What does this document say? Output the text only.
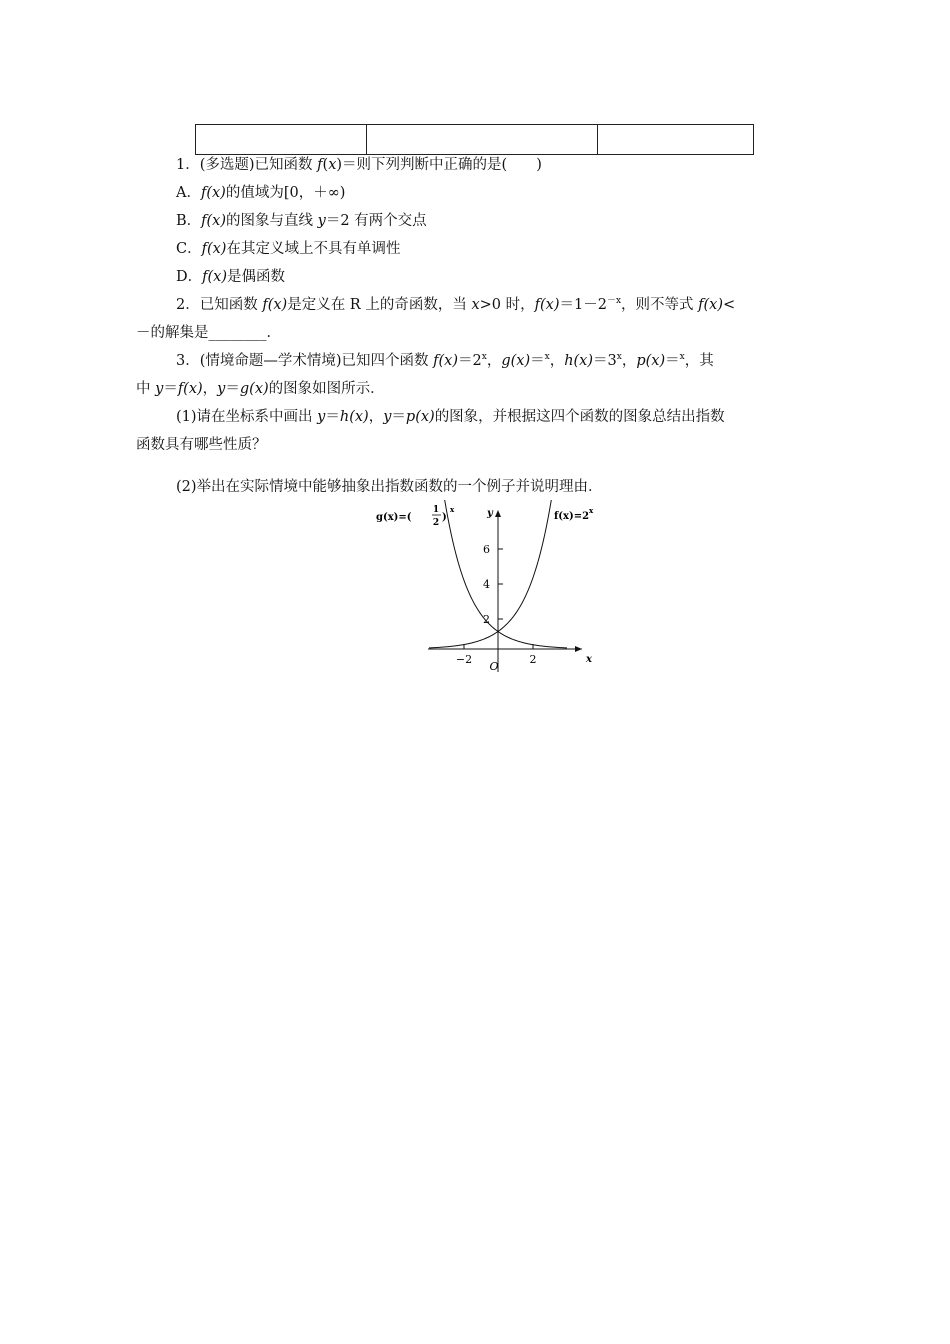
1．(多选题)已知函数 f(x)＝则下列判断中正确的是(　　)
A．f(x)的值域为[0，＋∞)
B．f(x)的图象与直线 y＝2 有两个交点
C．f(x)在其定义域上不具有单调性
D．f(x)是偶函数
2．已知函数 f(x)是定义在 R 上的奇函数，当 x>0 时，$f(x)=1-2^{-x}$，则不等式 f(x)<
－的解集是________．
3．(情境命题—学术情境)已知四个函数 $f(x)=2^x$，g(x)＝$^x$，$h(x)=3^x$，p(x)＝$^x$，其
中 y＝f(x)，y＝g(x)的图象如图所示．
(1)请在坐标系中画出 y＝h(x)，y＝p(x)的图象，并根据这四个函数的图象总结出指数
函数具有哪些性质？
(2)举出在实际情境中能够抽象出指数函数的一个例子并说明理由．
2
4
6
−2	2
O
x
y
g(x)=(
1
2 )
x
f(x)=2
x
